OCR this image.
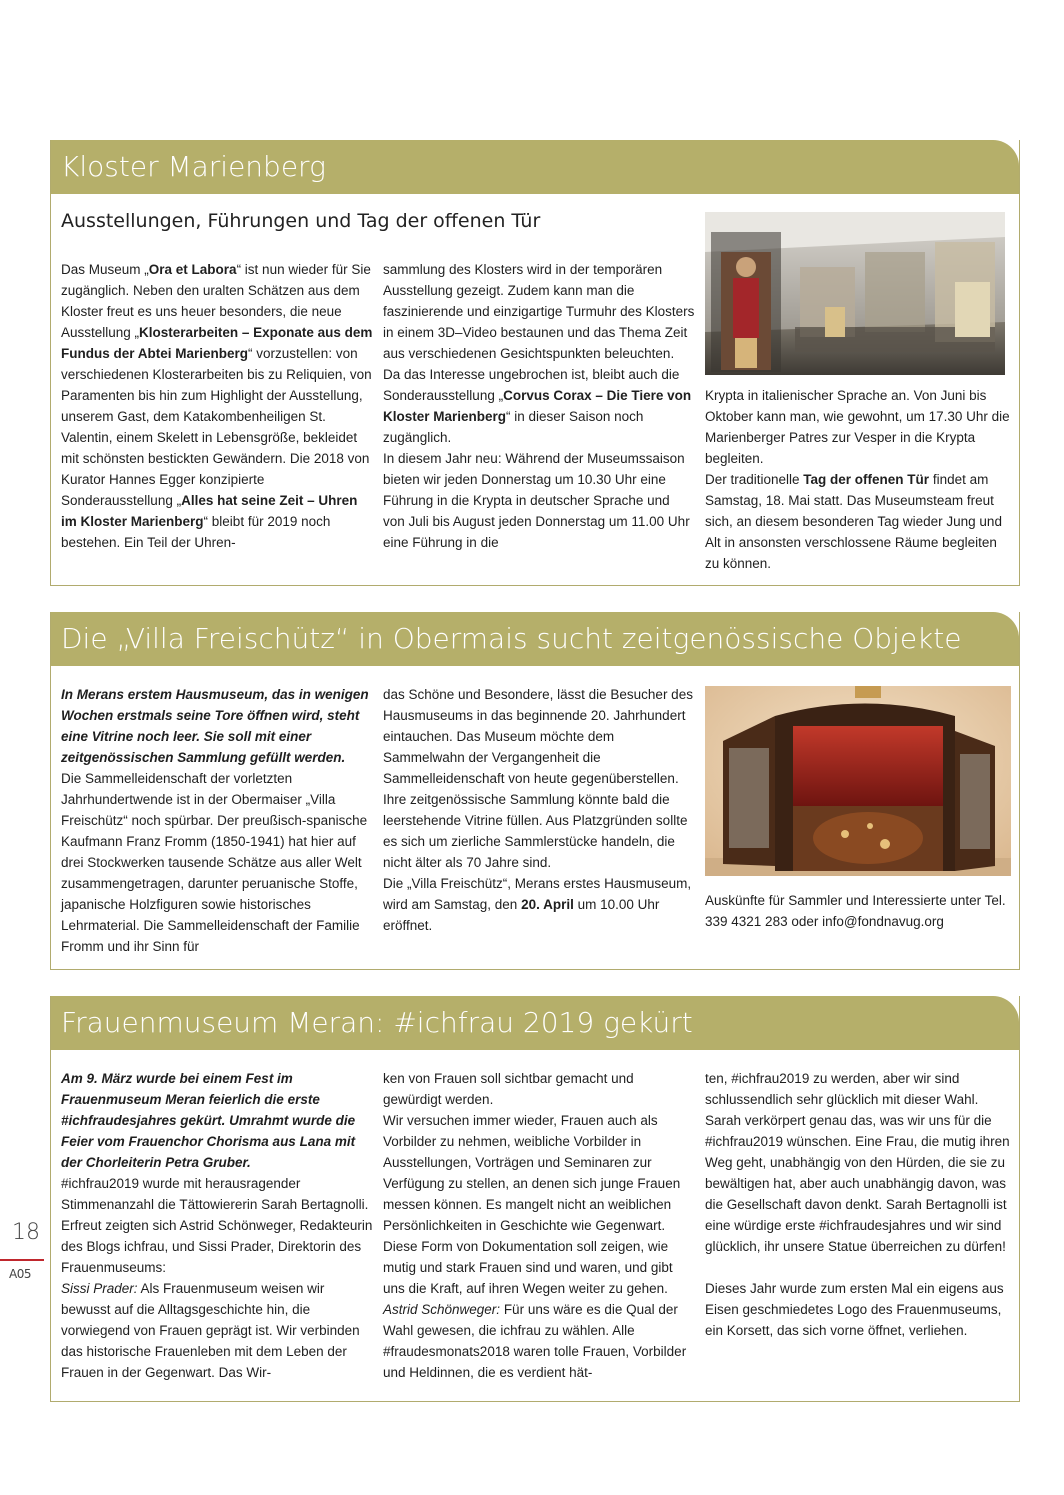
Kloster Marienberg
Ausstellungen, Führungen und Tag der offenen Tür

Das Museum „Ora et Labora“ ist nun wieder für Sie zugänglich. Neben den uralten Schätzen aus dem Kloster freut es uns heuer besonders, die neue Ausstellung „Klosterarbeiten – Exponate aus dem Fundus der Abtei Marienberg“ vorzustellen: von verschiedenen Klosterarbeiten bis zu Reliquien, von Paramenten bis hin zum Highlight der Ausstellung, unserem Gast, dem Katakombenheiligen St. Valentin, einem Skelett in Lebensgröße, bekleidet mit schönsten bestickten Gewändern. Die 2018 von Kurator Hannes Egger konzipierte Sonderausstellung „Alles hat seine Zeit – Uhren im Kloster Marienberg“ bleibt für 2019 noch bestehen. Ein Teil der Uhren-

sammlung des Klosters wird in der temporären Ausstellung gezeigt. Zudem kann man die faszinierende und einzigartige Turmuhr des Klosters in einem 3D–Video bestaunen und das Thema Zeit aus verschiedenen Gesichtspunkten beleuchten.

Da das Interesse ungebrochen ist, bleibt auch die Sonderausstellung „Corvus Corax – Die Tiere von Kloster Marienberg“ in dieser Saison noch zugänglich.

In diesem Jahr neu: Während der Museumssaison bieten wir jeden Donnerstag um 10.30 Uhr eine Führung in die Krypta in deutscher Sprache und von Juli bis August jeden Donnerstag um 11.00 Uhr eine Führung in die

Krypta in italienischer Sprache an. Von Juni bis Oktober kann man, wie gewohnt, um 17.30 Uhr die Marienberger Patres zur Vesper in die Krypta begleiten.

Der traditionelle Tag der offenen Tür findet am Samstag, 18. Mai statt. Das Museumsteam freut sich, an diesem besonderen Tag wieder Jung und Alt in ansonsten verschlossene Räume begleiten zu können.

Die „Villa Freischütz“ in Obermais sucht zeitgenössische Objekte

In Merans erstem Hausmuseum, das in wenigen Wochen erstmals seine Tore öffnen wird, steht eine Vitrine noch leer. Sie soll mit einer zeitgenössischen Sammlung gefüllt werden.

Die Sammelleidenschaft der vorletzten Jahrhundertwende ist in der Obermaiser „Villa Freischütz“ noch spürbar. Der preußisch-spanische Kaufmann Franz Fromm (1850-1941) hat hier auf drei Stockwerken tausende Schätze aus aller Welt zusammengetragen, darunter peruanische Stoffe, japanische Holzfiguren sowie historisches Lehrmaterial. Die Sammelleidenschaft der Familie Fromm und ihr Sinn für

das Schöne und Besondere, lässt die Besucher des Hausmuseums in das beginnende 20. Jahrhundert eintauchen. Das Museum möchte dem Sammelwahn der Vergangenheit die Sammelleidenschaft von heute gegenüberstellen.

Ihre zeitgenössische Sammlung könnte bald die leerstehende Vitrine füllen. Aus Platzgründen sollte es sich um zierliche Sammlerstücke handeln, die nicht älter als 70 Jahre sind.

Die „Villa Freischütz“, Merans erstes Hausmuseum, wird am Samstag, den 20. April um 10.00 Uhr eröffnet.

Auskünfte für Sammler und Interessierte unter Tel. 339 4321 283 oder info@fondnavug.org

Frauenmuseum Meran: #ichfrau 2019 gekürt

Am 9. März wurde bei einem Fest im Frauenmuseum Meran feierlich die erste #ichfraudesjahres gekürt. Umrahmt wurde die Feier vom Frauenchor Chorisma aus Lana mit der Chorleiterin Petra Gruber.

#ichfrau2019 wurde mit herausragender Stimmenanzahl die Tättowiererin Sarah Bertagnolli.

Erfreut zeigten sich Astrid Schönweger, Redakteurin des Blogs ichfrau, und Sissi Prader, Direktorin des Frauenmuseums:

Sissi Prader: Als Frauenmuseum weisen wir bewusst auf die Alltagsgeschichte hin, die vorwiegend von Frauen geprägt ist. Wir verbinden das historische Frauenleben mit dem Leben der Frauen in der Gegenwart. Das Wir-

ken von Frauen soll sichtbar gemacht und gewürdigt werden.

Wir versuchen immer wieder, Frauen auch als Vorbilder zu nehmen, weibliche Vorbilder in Ausstellungen, Vorträgen und Seminaren zur Verfügung zu stellen, an denen sich junge Frauen messen können. Es mangelt nicht an weiblichen Persönlichkeiten in Geschichte wie Gegenwart. Diese Form von Dokumentation soll zeigen, wie mutig und stark Frauen sind und waren, und gibt uns die Kraft, auf ihren Wegen weiter zu gehen.

Astrid Schönweger: Für uns wäre es die Qual der Wahl gewesen, die ichfrau zu wählen. Alle #fraudesmonats2018 waren tolle Frauen, Vorbilder und Heldinnen, die es verdient hät-

ten, #ichfrau2019 zu werden, aber wir sind schlussendlich sehr glücklich mit dieser Wahl. Sarah verkörpert genau das, was wir uns für die #ichfrau2019 wünschen. Eine Frau, die mutig ihren Weg geht, unabhängig von den Hürden, die sie zu bewältigen hat, aber auch unabhängig davon, was die Gesellschaft davon denkt. Sarah Bertagnolli ist eine würdige erste #ichfraudesjahres und wir sind glücklich, ihr unsere Statue überreichen zu dürfen!

Dieses Jahr wurde zum ersten Mal ein eigens aus Eisen geschmiedetes Logo des Frauenmuseums, ein Korsett, das sich vorne öffnet, verliehen.

18
A05
